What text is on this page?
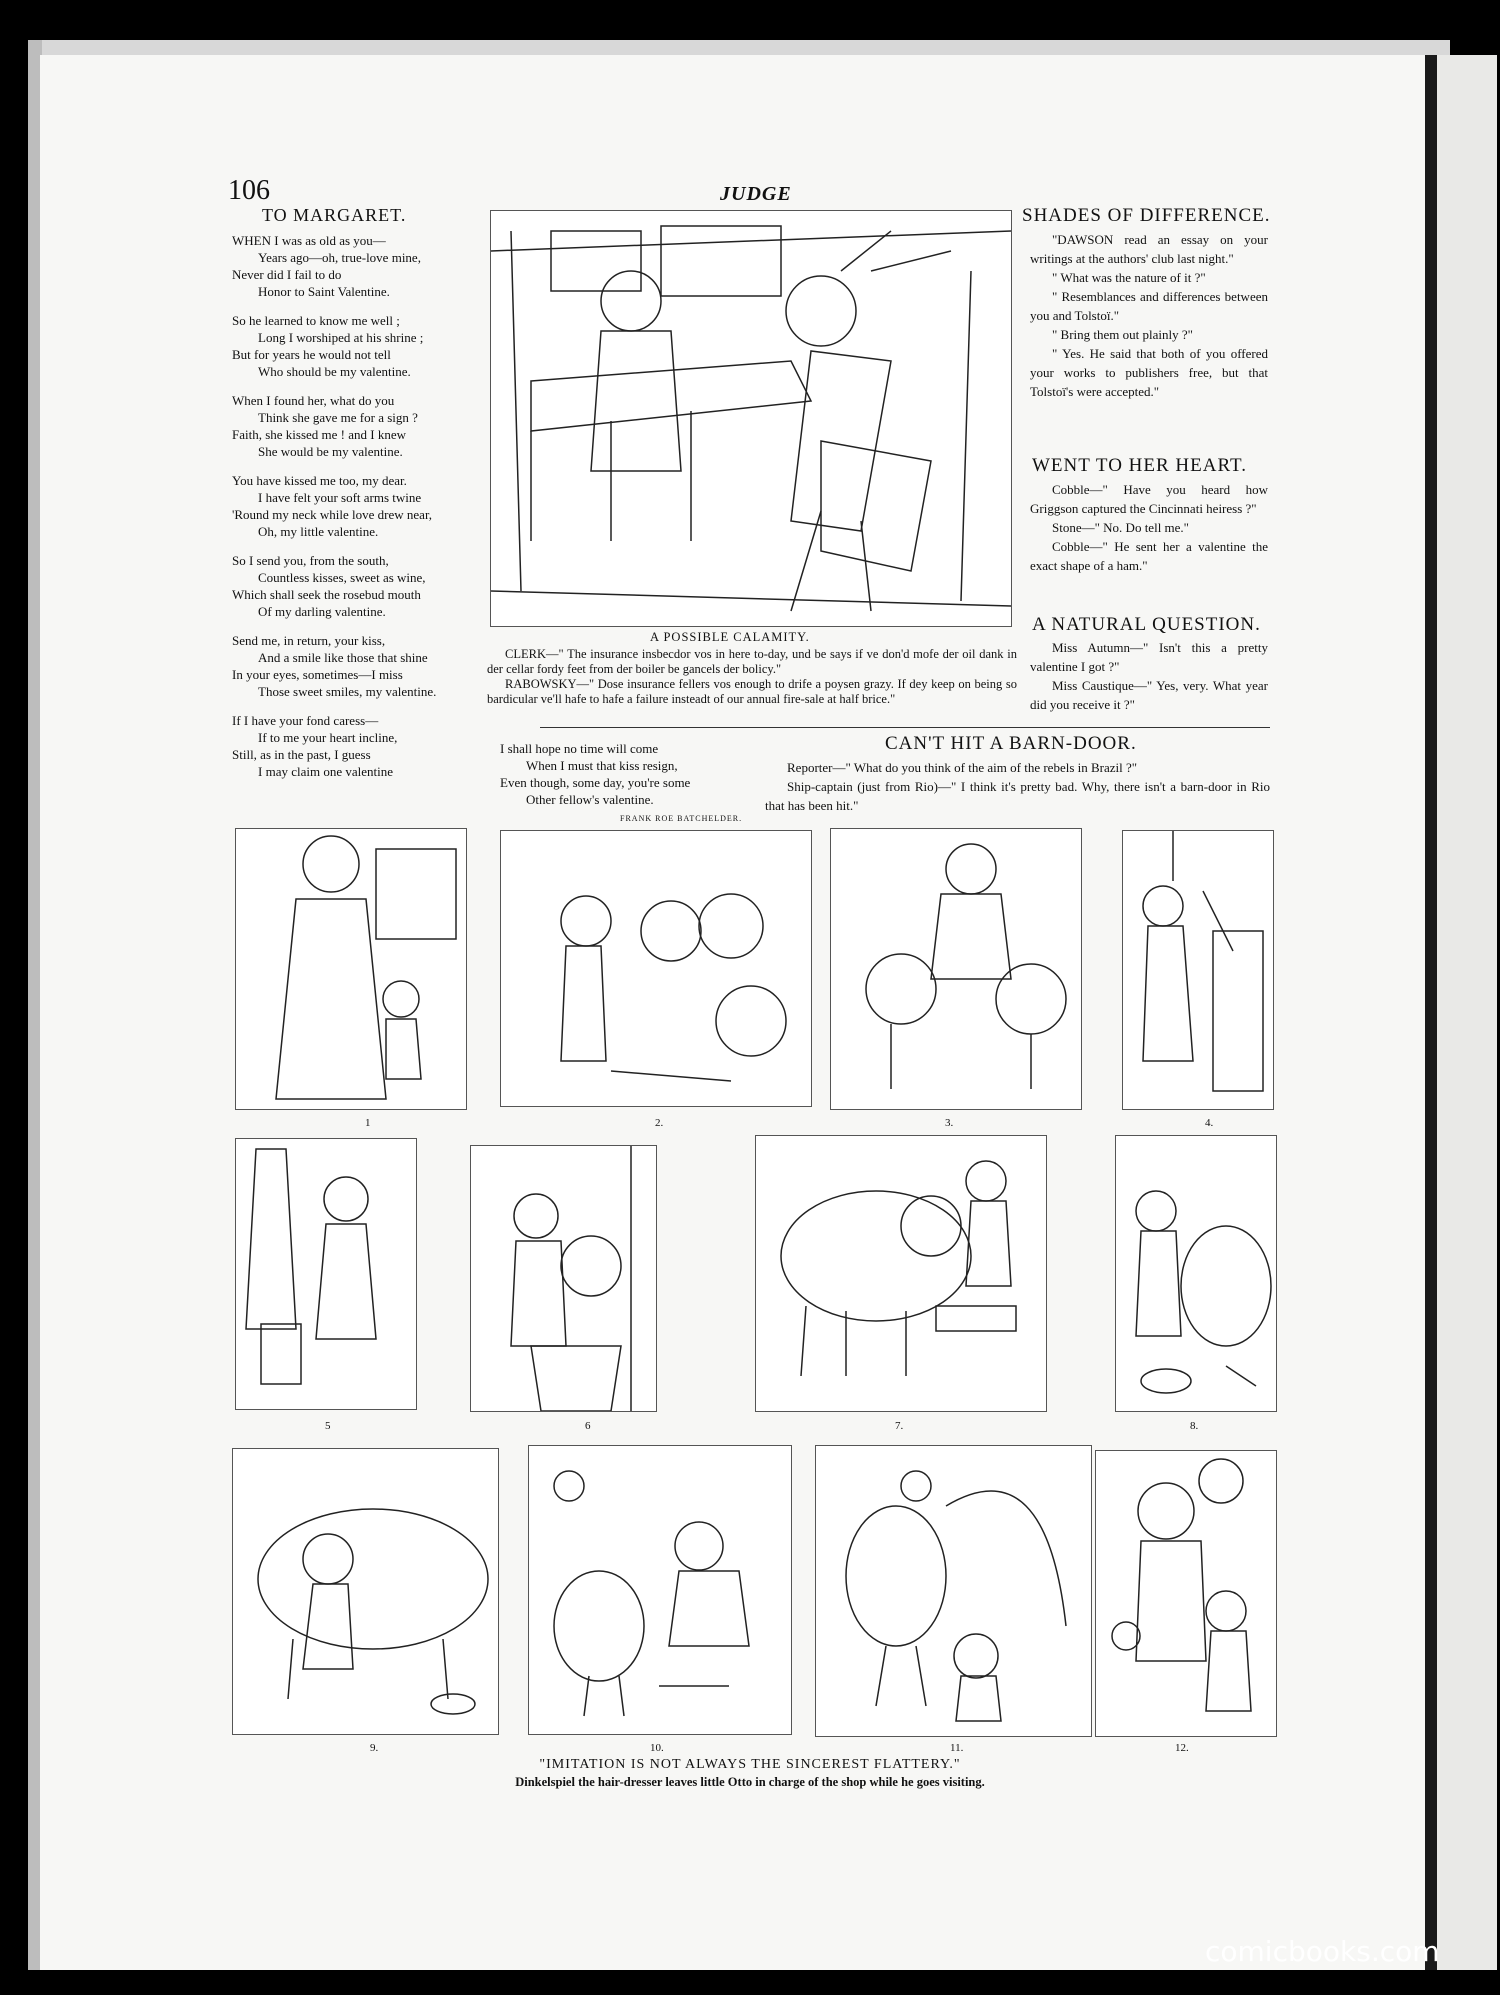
106	JUDGE
TO MARGARET.
WHEN I was as old as you—
Years ago—oh, true-love mine,
Never did I fail to do
Honor to Saint Valentine.
So he learned to know me well ;
Long I worshiped at his shrine ;
But for years he would not tell
Who should be my valentine.
When I found her, what do you
Think she gave me for a sign ?
Faith, she kissed me ! and I knew
She would be my valentine.
You have kissed me too, my dear.
I have felt your soft arms twine
'Round my neck while love drew near,
Oh, my little valentine.
So I send you, from the south,
Countless kisses, sweet as wine,
Which shall seek the rosebud mouth
Of my darling valentine.
Send me, in return, your kiss,
And a smile like those that shine
In your eyes, sometimes—I miss
Those sweet smiles, my valentine.
If I have your fond caress—
If to me your heart incline,
Still, as in the past, I guess
I may claim one valentine
I shall hope no time will come
When I must that kiss resign,
Even though, some day, you're some
Other fellow's valentine.
FRANK ROE BATCHELDER.
A POSSIBLE CALAMITY.

CLERK—" The insurance insbecdor vos in here to-day, und be says if ve don'd mofe der oil dank in der cellar fordy feet from der boiler be gancels der bolicy."

RABOWSKY—" Dose insurance fellers vos enough to drife a poysen grazy. If dey keep on being so bardicular ve'll hafe to hafe a failure insteadt of our annual fire-sale at half brice."

SHADES OF DIFFERENCE.

"DAWSON read an essay on your writings at the authors' club last night."

" What was the nature of it ?"

" Resemblances and differences between you and Tolstoï."

" Bring them out plainly ?"

" Yes. He said that both of you offered your works to publishers free, but that Tolstoï's were accepted."

WENT TO HER HEART.

Cobble—" Have you heard how Griggson captured the Cincinnati heiress ?"

Stone—" No. Do tell me."

Cobble—" He sent her a valentine the exact shape of a ham."

A NATURAL QUESTION.

Miss Autumn—" Isn't this a pretty valentine I got ?"

Miss Caustique—" Yes, very. What year did you receive it ?"

CAN'T HIT A BARN-DOOR.

Reporter—" What do you think of the aim of the rebels in Brazil ?"

Ship-captain (just from Rio)—" I think it's pretty bad. Why, there isn't a barn-door in Rio that has been hit."

1	2.	3.	4.
5	6	7.	8.
9.	10.	11.	12.
"IMITATION IS NOT ALWAYS THE SINCEREST FLATTERY."
Dinkelspiel the hair-dresser leaves little Otto in charge of the shop while he goes visiting.
comicbooks.com
